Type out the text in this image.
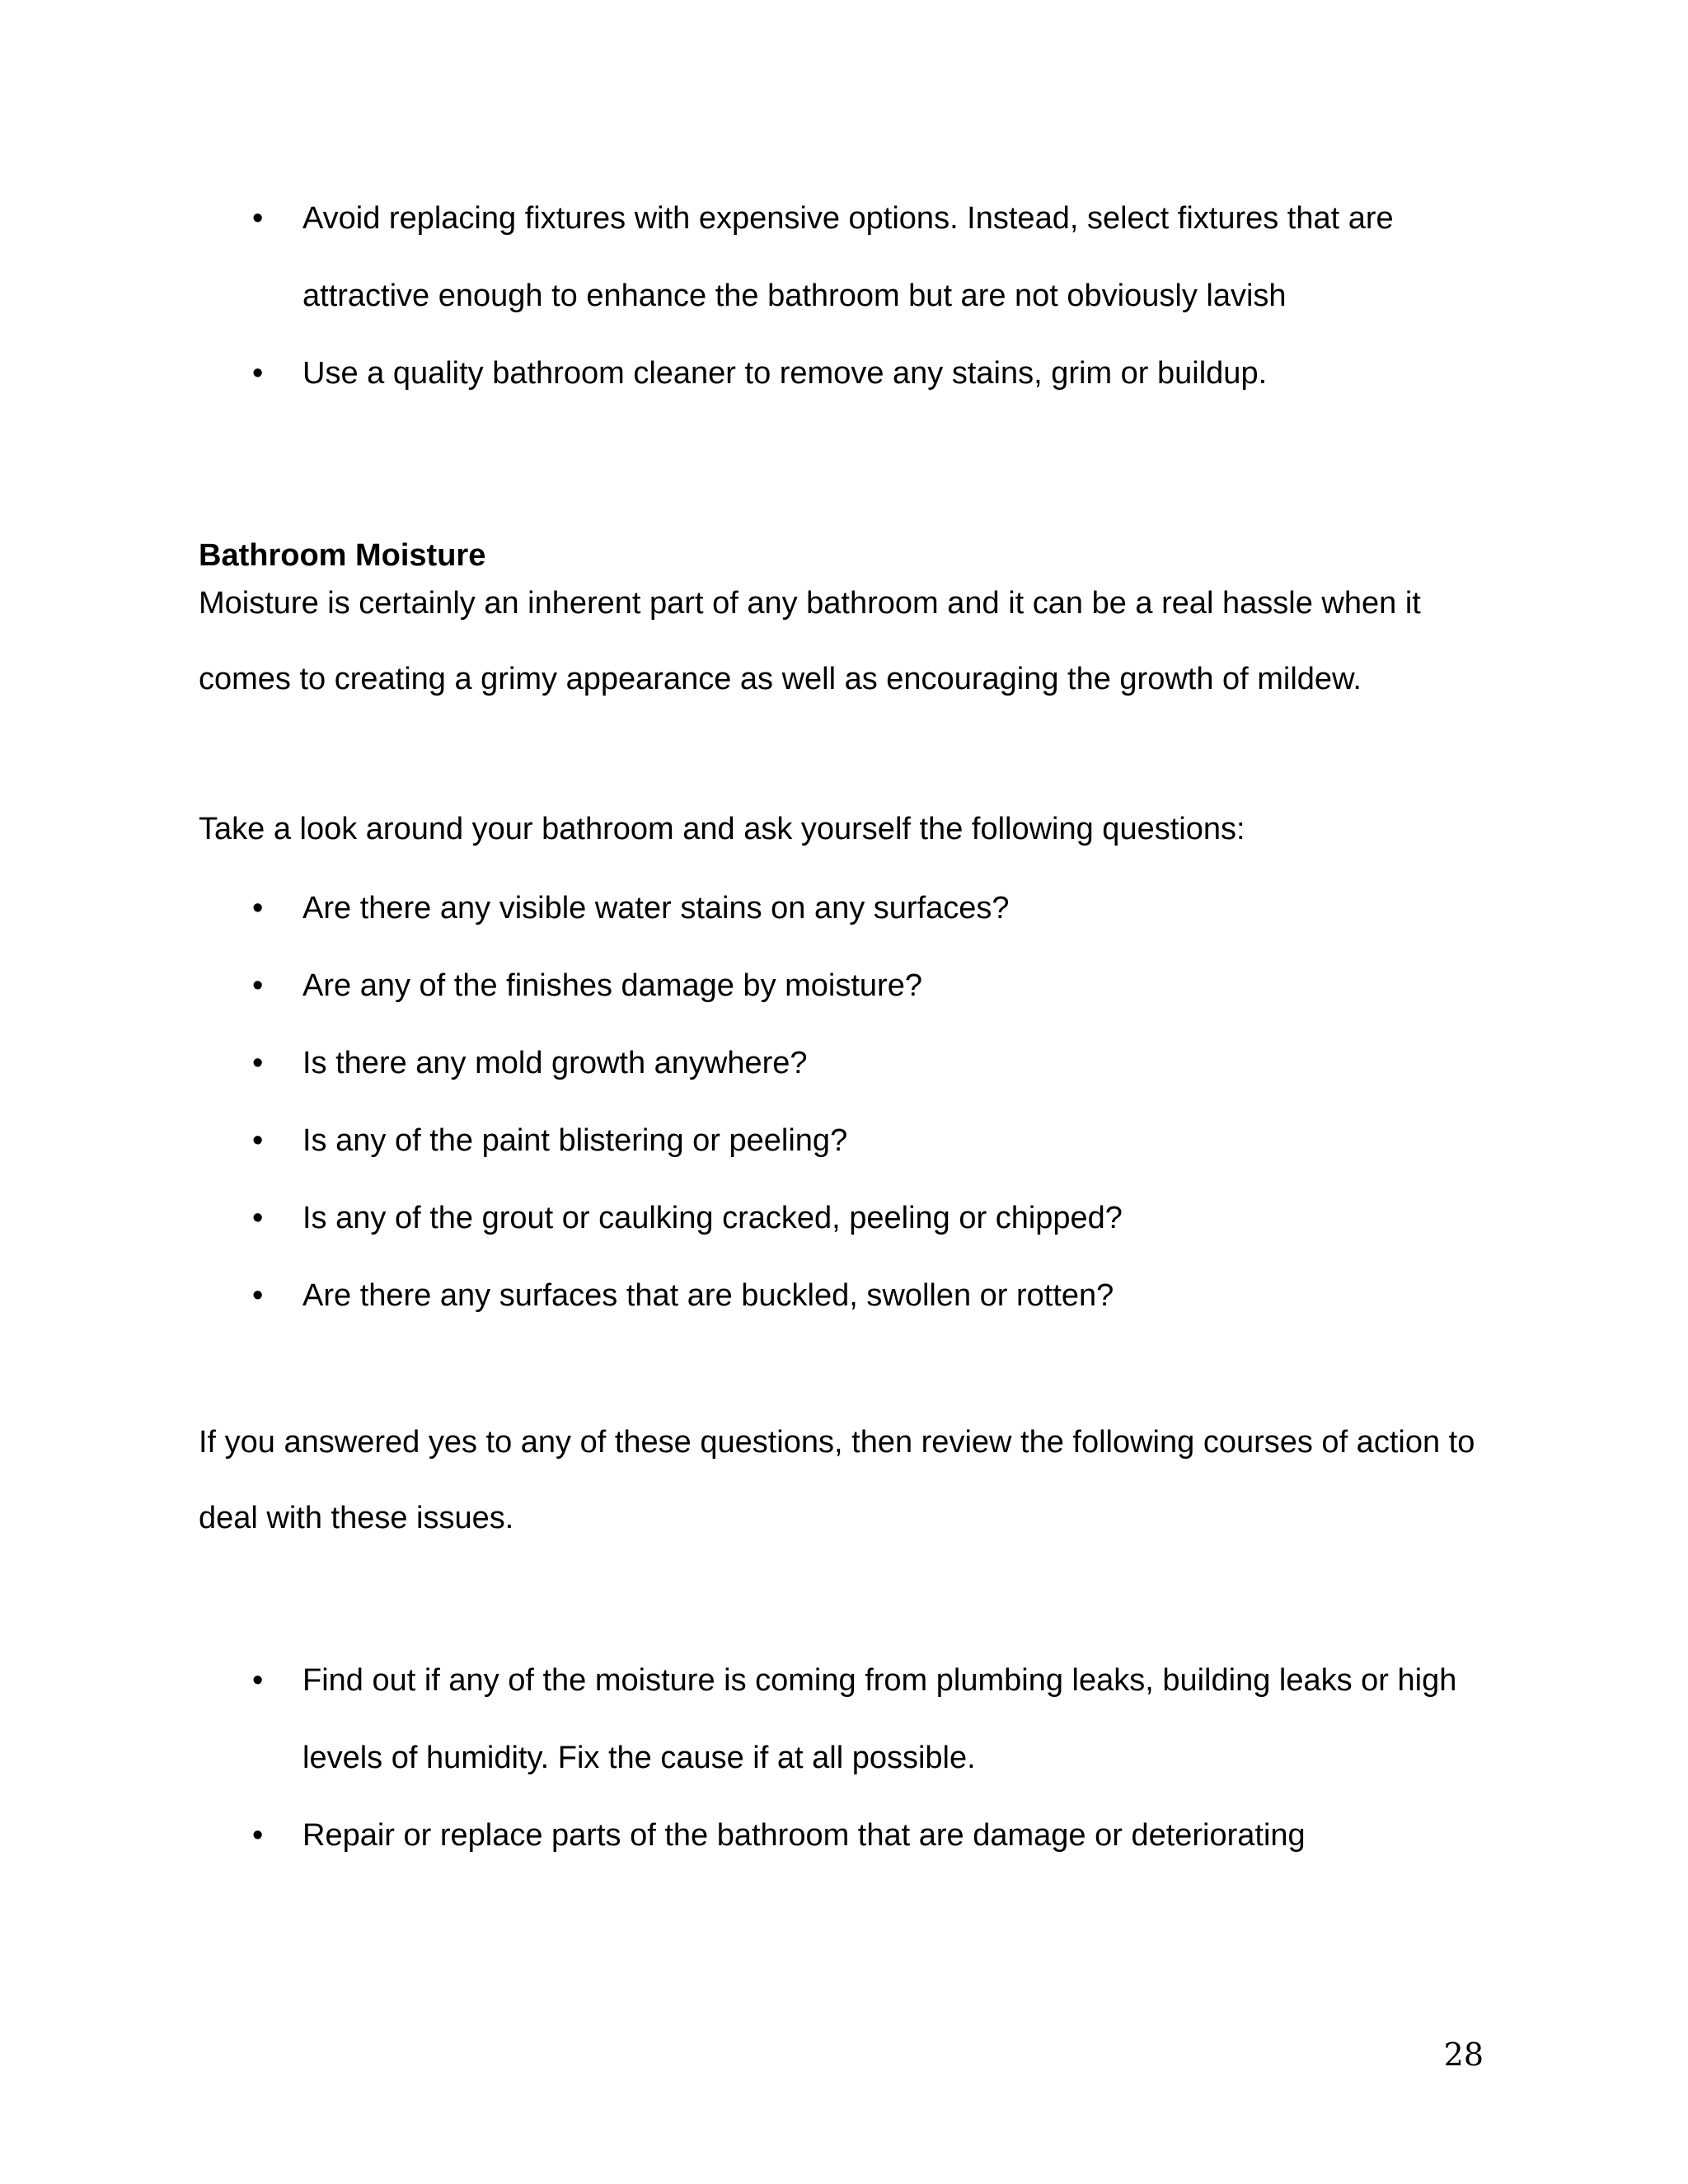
• Avoid replacing fixtures with expensive options. Instead, select fixtures that are attractive enough to enhance the bathroom but are not obviously lavish
• Use a quality bathroom cleaner to remove any stains, grim or buildup.
Bathroom Moisture

Moisture is certainly an inherent part of any bathroom and it can be a real hassle when it comes to creating a grimy appearance as well as encouraging the growth of mildew.

Take a look around your bathroom and ask yourself the following questions:

• Are there any visible water stains on any surfaces?
• Are any of the finishes damage by moisture?
• Is there any mold growth anywhere?
• Is any of the paint blistering or peeling?
• Is any of the grout or caulking cracked, peeling or chipped?
• Are there any surfaces that are buckled, swollen or rotten?

If you answered yes to any of these questions, then review the following courses of action to deal with these issues.

• Find out if any of the moisture is coming from plumbing leaks, building leaks or high levels of humidity. Fix the cause if at all possible.
• Repair or replace parts of the bathroom that are damage or deteriorating
28
